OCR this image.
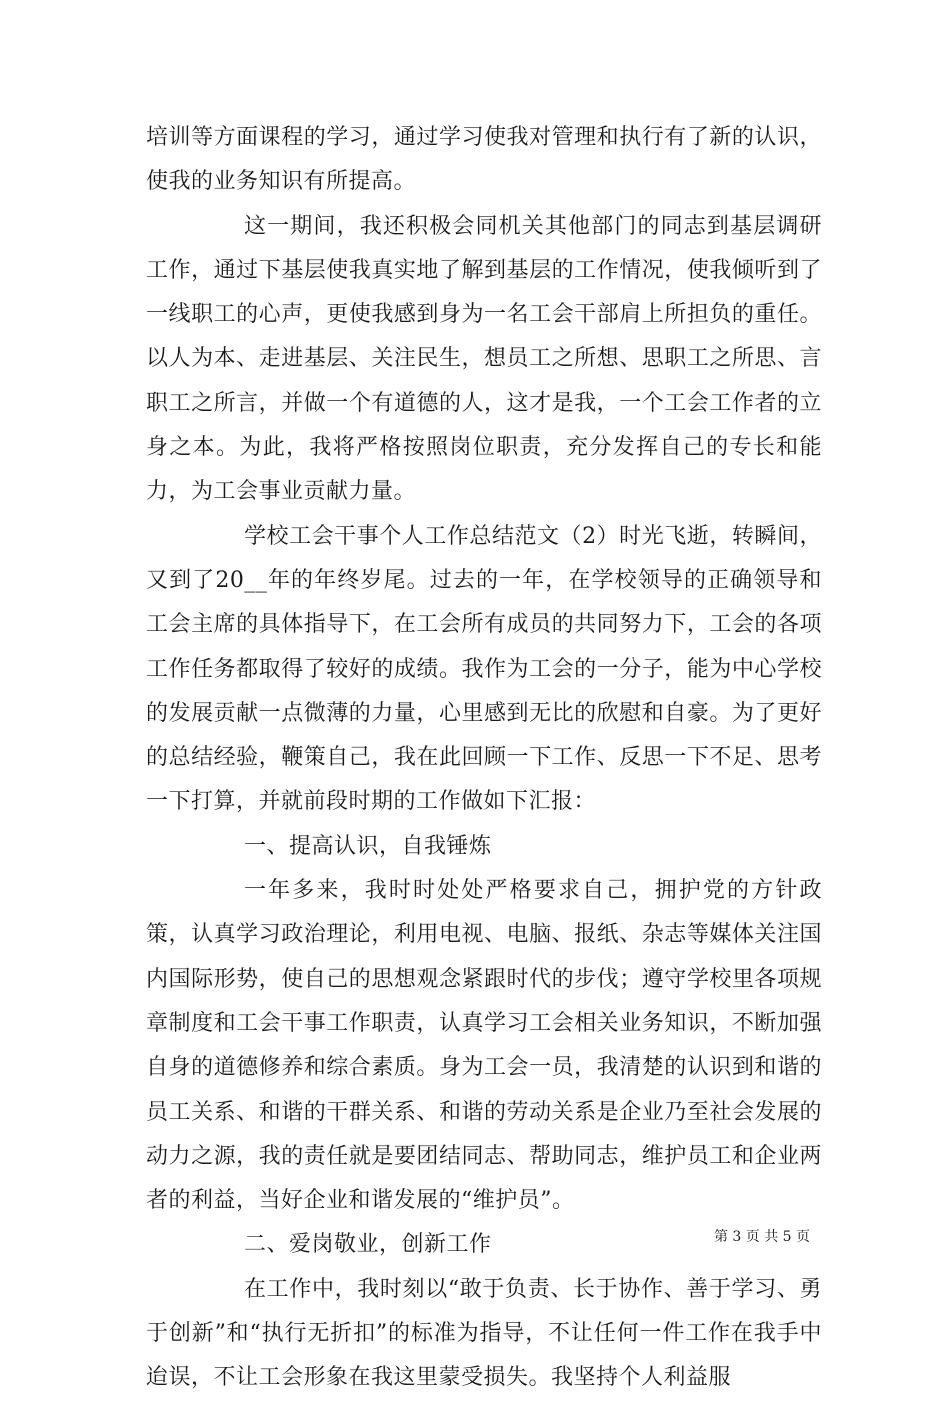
培训等方面课程的学习，通过学习使我对管理和执行有了新的认识，使我的业务知识有所提高。

这一期间，我还积极会同机关其他部门的同志到基层调研工作，通过下基层使我真实地了解到基层的工作情况，使我倾听到了一线职工的心声，更使我感到身为一名工会干部肩上所担负的重任。以人为本、走进基层、关注民生，想员工之所想、思职工之所思、言职工之所言，并做一个有道德的人，这才是我，一个工会工作者的立身之本。为此，我将严格按照岗位职责，充分发挥自己的专长和能力，为工会事业贡献力量。

学校工会干事个人工作总结范文（2）时光飞逝，转瞬间，又到了20__年的年终岁尾。过去的一年，在学校领导的正确领导和工会主席的具体指导下，在工会所有成员的共同努力下，工会的各项工作任务都取得了较好的成绩。我作为工会的一分子，能为中心学校的发展贡献一点微薄的力量，心里感到无比的欣慰和自豪。为了更好的总结经验，鞭策自己，我在此回顾一下工作、反思一下不足、思考一下打算，并就前段时期的工作做如下汇报：

一、提高认识，自我锤炼

一年多来，我时时处处严格要求自己，拥护党的方针政策，认真学习政治理论，利用电视、电脑、报纸、杂志等媒体关注国内国际形势，使自己的思想观念紧跟时代的步伐；遵守学校里各项规章制度和工会干事工作职责，认真学习工会相关业务知识，不断加强自身的道德修养和综合素质。身为工会一员，我清楚的认识到和谐的员工关系、和谐的干群关系、和谐的劳动关系是企业乃至社会发展的动力之源，我的责任就是要团结同志、帮助同志，维护员工和企业两者的利益，当好企业和谐发展的“维护员”。

二、爱岗敬业，创新工作

在工作中，我时刻以“敢于负责、长于协作、善于学习、勇于创新”和“执行无折扣”的标准为指导，不让任何一件工作在我手中迨误，不让工会形象在我这里蒙受损失。我坚持个人利益服

第 3 页 共 5 页
